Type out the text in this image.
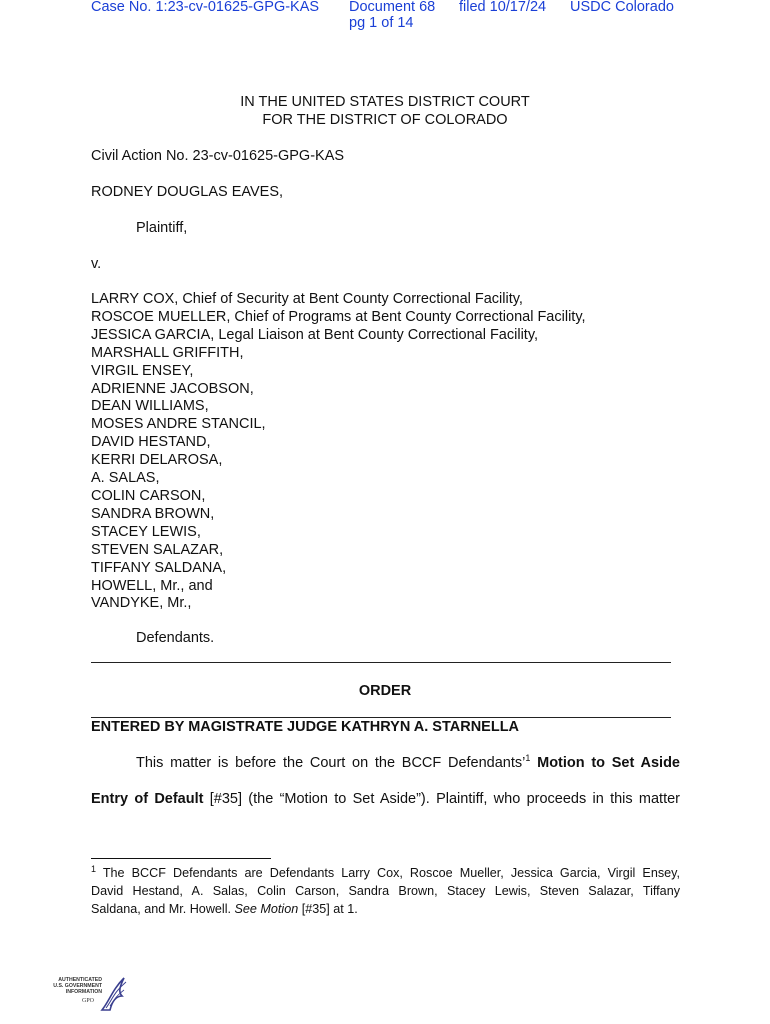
Case No. 1:23-cv-01625-GPG-KAS Document 68 filed 10/17/24 USDC Colorado
pg 1 of 14
IN THE UNITED STATES DISTRICT COURT
FOR THE DISTRICT OF COLORADO
Civil Action No. 23-cv-01625-GPG-KAS
RODNEY DOUGLAS EAVES,
Plaintiff,
v.
LARRY COX, Chief of Security at Bent County Correctional Facility,
ROSCOE MUELLER, Chief of Programs at Bent County Correctional Facility,
JESSICA GARCIA, Legal Liaison at Bent County Correctional Facility,
MARSHALL GRIFFITH,
VIRGIL ENSEY,
ADRIENNE JACOBSON,
DEAN WILLIAMS,
MOSES ANDRE STANCIL,
DAVID HESTAND,
KERRI DELAROSA,
A. SALAS,
COLIN CARSON,
SANDRA BROWN,
STACEY LEWIS,
STEVEN SALAZAR,
TIFFANY SALDANA,
HOWELL, Mr., and
VANDYKE, Mr.,
Defendants.
ORDER
ENTERED BY MAGISTRATE JUDGE KATHRYN A. STARNELLA
This matter is before the Court on the BCCF Defendants’$^1$ Motion to Set Aside
Entry of Default [#35] (the “Motion to Set Aside”). Plaintiff, who proceeds in this matter
$^1$ The BCCF Defendants are Defendants Larry Cox, Roscoe Mueller, Jessica Garcia, Virgil Ensey,
David Hestand, A. Salas, Colin Carson, Sandra Brown, Stacey Lewis, Steven Salazar, Tiffany
Saldana, and Mr. Howell. See Motion [#35] at 1.
AUTHENTICATED
U.S. GOVERNMENT
INFORMATION
GPO
